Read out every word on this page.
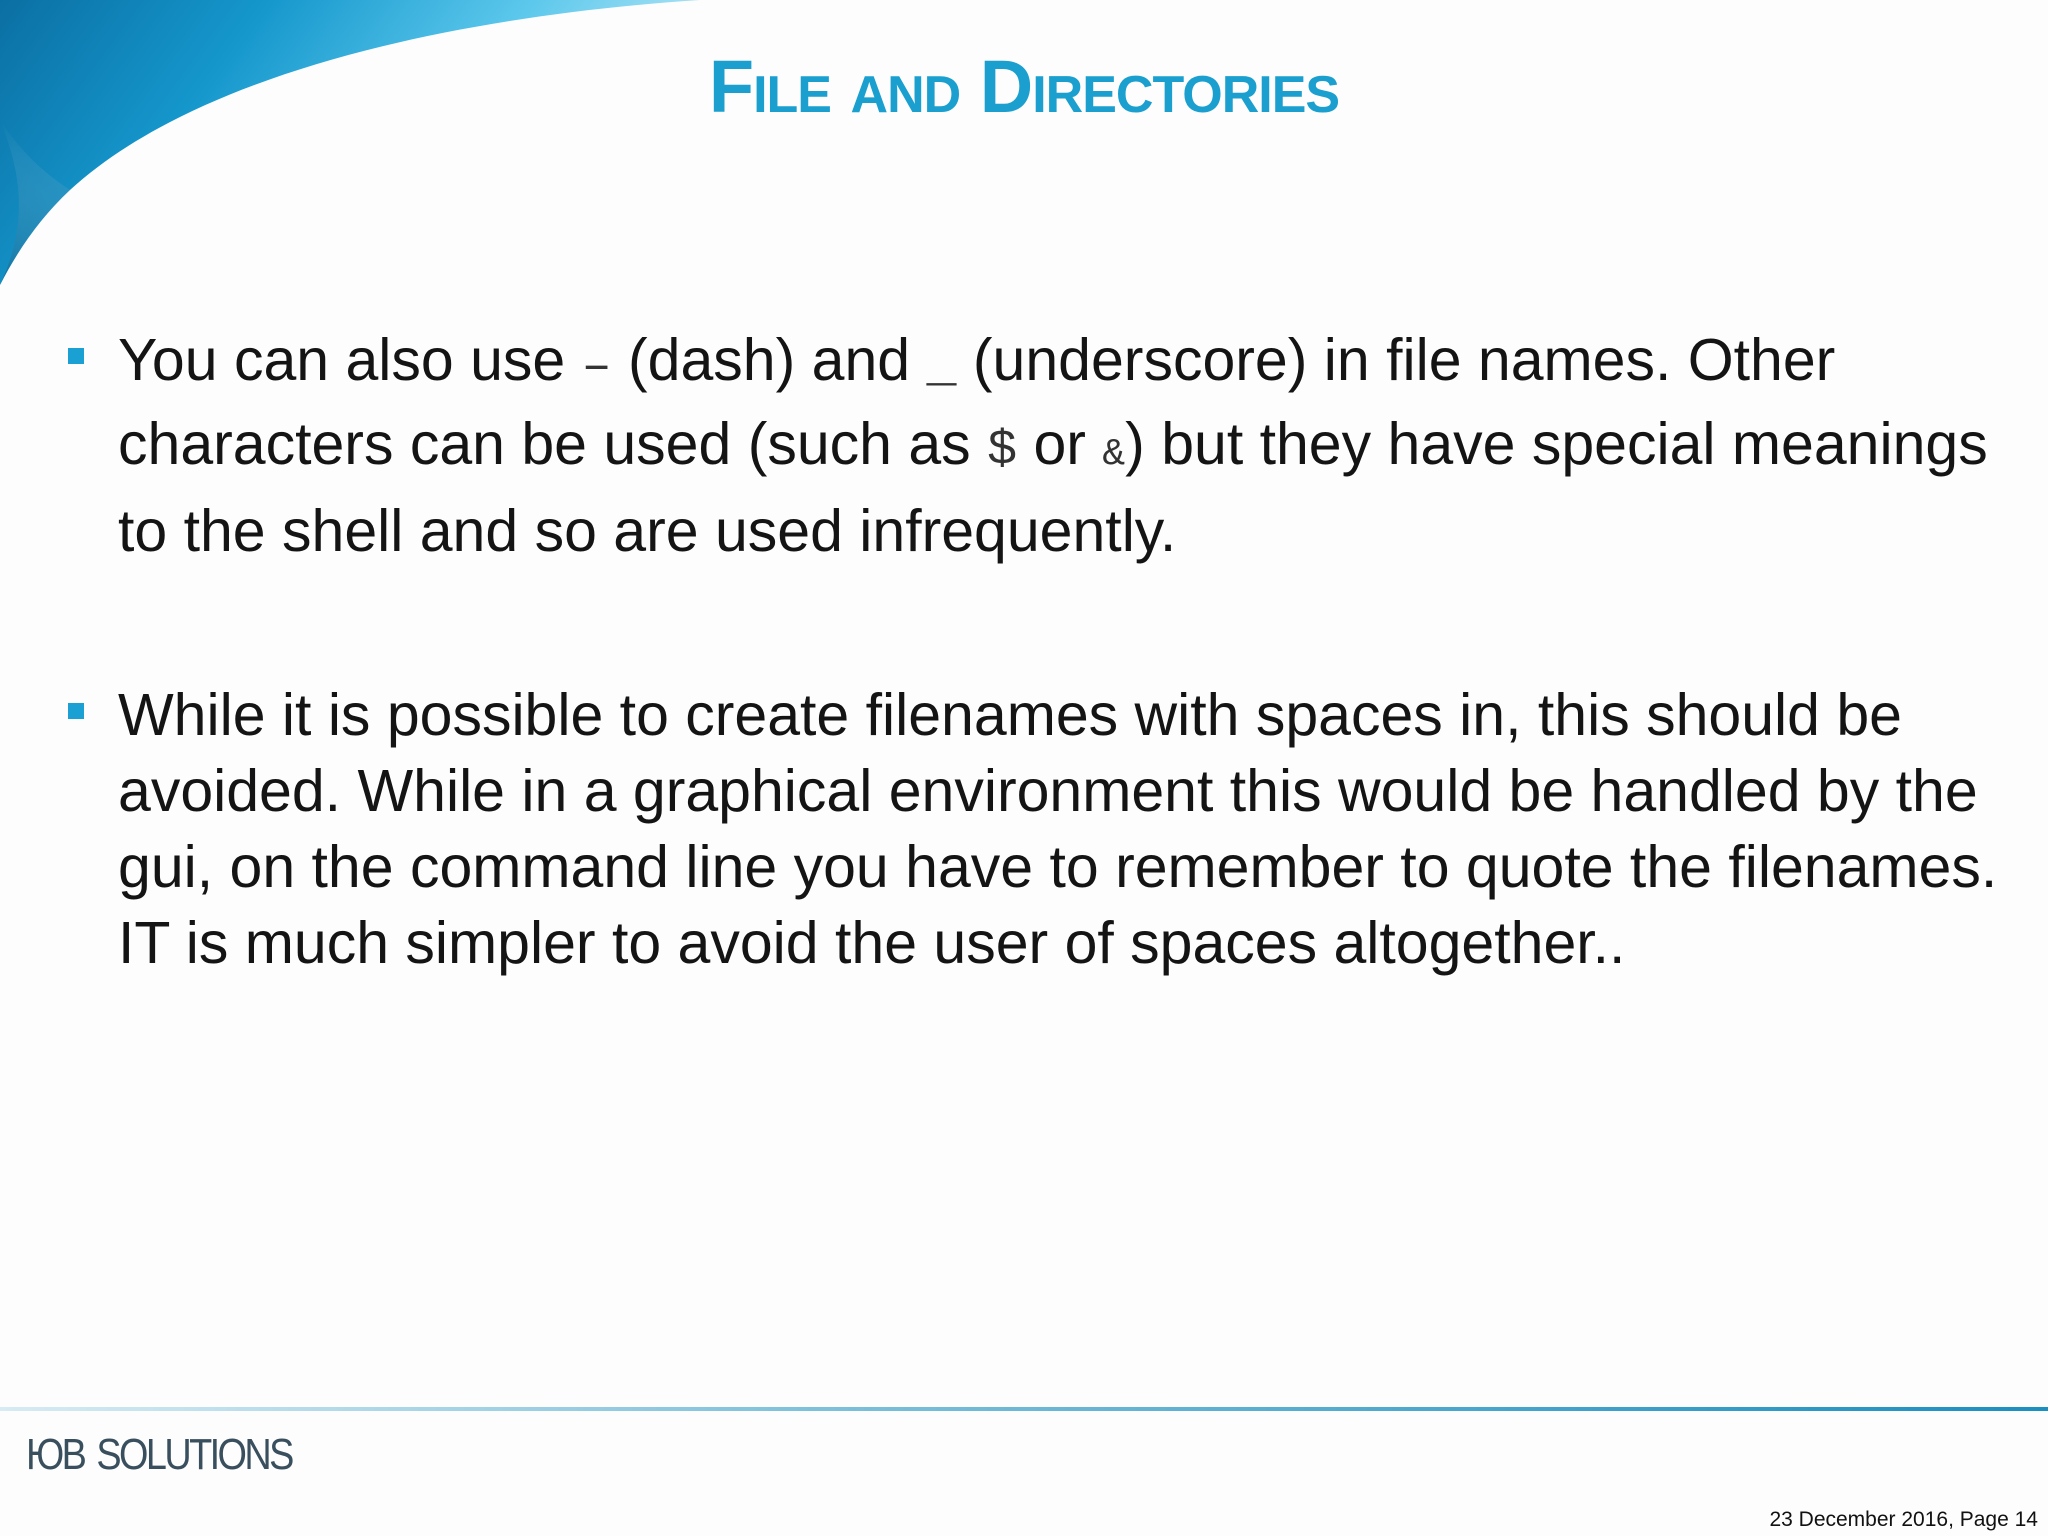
File and Directories
You can also use – (dash) and _ (underscore) in file names. Other characters can be used (such as $ or &) but they have special meanings to the shell and so are used infrequently.
While it is possible to create filenames with spaces in, this should be avoided. While in a graphical environment this would be handled by the gui, on the command line you have to remember to quote the filenames. IT is much simpler to avoid the user of spaces altogether..
ЮB SOLUTIONS
23 December 2016, Page 14
